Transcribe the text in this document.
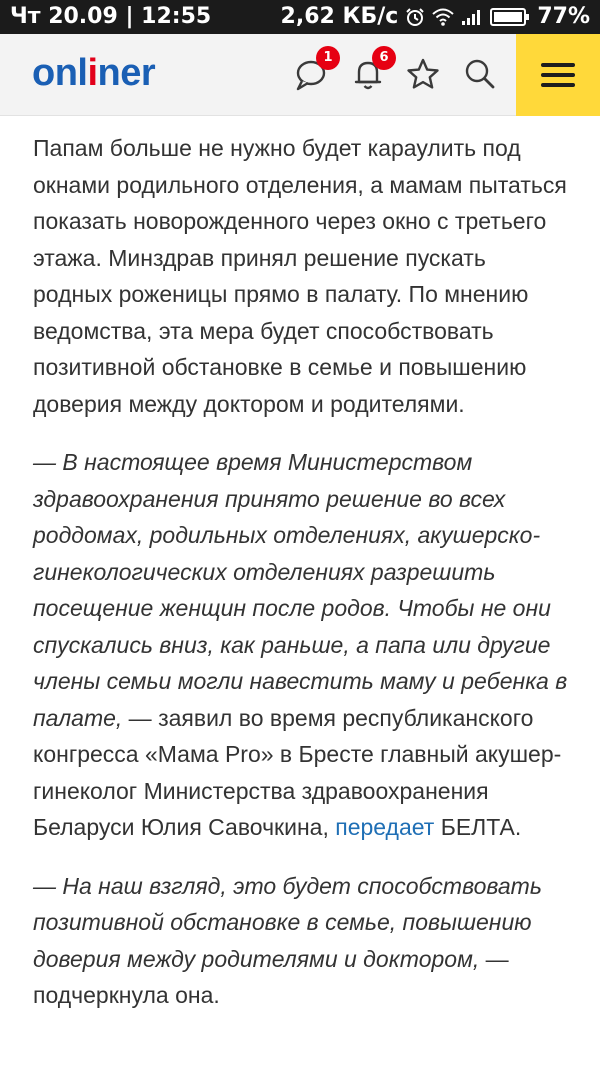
Чт 20.09 | 12:55	2,62 КБ/с	77%
onliner	1	6

Папам больше не нужно будет караулить под окнами родильного отделения, а мамам пытаться показать новорожденного через окно с третьего этажа. Минздрав принял решение пускать родных роженицы прямо в палату. По мнению ведомства, эта мера будет способствовать позитивной обстановке в семье и повышению доверия между доктором и родителями.

— В настоящее время Министерством здравоохранения принято решение во всех роддомах, родильных отделениях, акушерско-гинекологических отделениях разрешить посещение женщин после родов. Чтобы не они спускались вниз, как раньше, а папа или другие члены семьи могли навестить маму и ребенка в палате, — заявил во время республиканского конгресса «Мама Pro» в Бресте главный акушер-гинеколог Министерства здравоохранения Беларуси Юлия Савочкина, передает БЕЛТА.

— На наш взгляд, это будет способствовать позитивной обстановке в семье, повышению доверия между родителями и доктором, — подчеркнула она.
